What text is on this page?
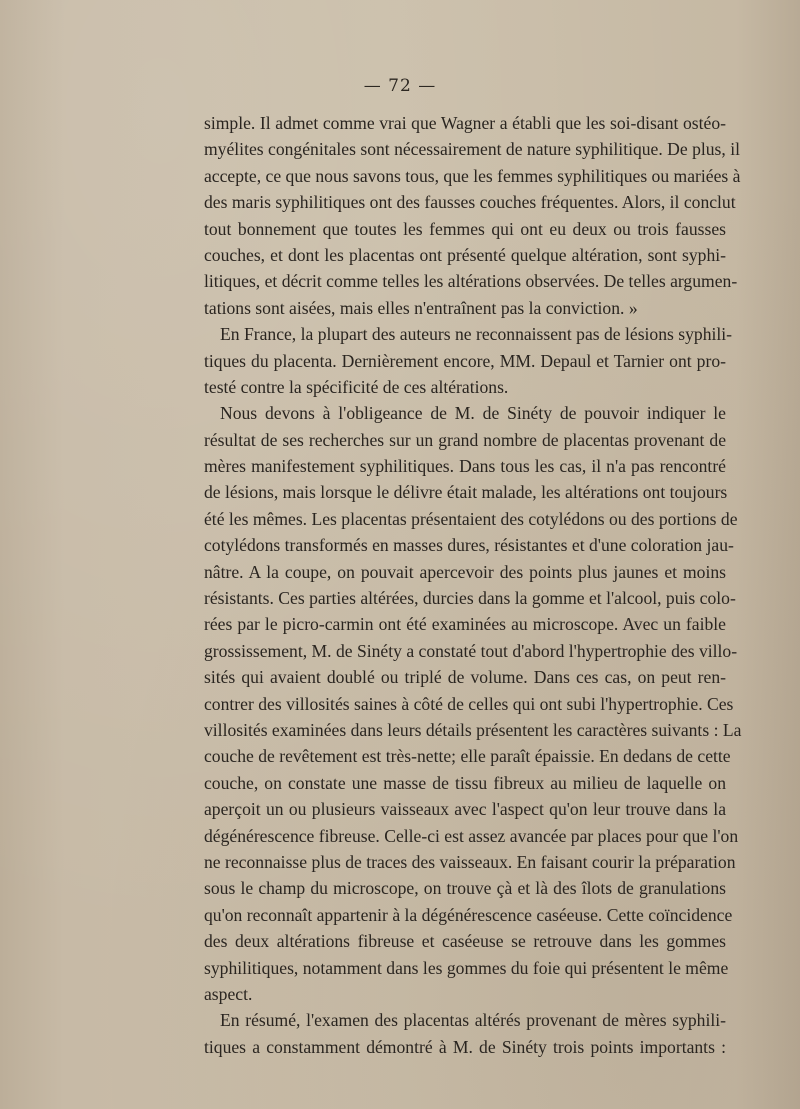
— 72 —
simple. Il admet comme vrai que Wagner a établi que les soi-disant ostéo-
myélites congénitales sont nécessairement de nature syphilitique. De plus, il
accepte, ce que nous savons tous, que les femmes syphilitiques ou mariées à
des maris syphilitiques ont des fausses couches fréquentes. Alors, il conclut
tout bonnement que toutes les femmes qui ont eu deux ou trois fausses
couches, et dont les placentas ont présenté quelque altération, sont syphi-
litiques, et décrit comme telles les altérations observées. De telles argumen-
tations sont aisées, mais elles n'entraînent pas la conviction. »
En France, la plupart des auteurs ne reconnaissent pas de lésions syphili-
tiques du placenta. Dernièrement encore, MM. Depaul et Tarnier ont pro-
testé contre la spécificité de ces altérations.
Nous devons à l'obligeance de M. de Sinéty de pouvoir indiquer le
résultat de ses recherches sur un grand nombre de placentas provenant de
mères manifestement syphilitiques. Dans tous les cas, il n'a pas rencontré
de lésions, mais lorsque le délivre était malade, les altérations ont toujours
été les mêmes. Les placentas présentaient des cotylédons ou des portions de
cotylédons transformés en masses dures, résistantes et d'une coloration jau-
nâtre. A la coupe, on pouvait apercevoir des points plus jaunes et moins
résistants. Ces parties altérées, durcies dans la gomme et l'alcool, puis colo-
rées par le picro-carmin ont été examinées au microscope. Avec un faible
grossissement, M. de Sinéty a constaté tout d'abord l'hypertrophie des villo-
sités qui avaient doublé ou triplé de volume. Dans ces cas, on peut ren-
contrer des villosités saines à côté de celles qui ont subi l'hypertrophie. Ces
villosités examinées dans leurs détails présentent les caractères suivants : La
couche de revêtement est très-nette; elle paraît épaissie. En dedans de cette
couche, on constate une masse de tissu fibreux au milieu de laquelle on
aperçoit un ou plusieurs vaisseaux avec l'aspect qu'on leur trouve dans la
dégénérescence fibreuse. Celle-ci est assez avancée par places pour que l'on
ne reconnaisse plus de traces des vaisseaux. En faisant courir la préparation
sous le champ du microscope, on trouve çà et là des îlots de granulations
qu'on reconnaît appartenir à la dégénérescence caséeuse. Cette coïncidence
des deux altérations fibreuse et caséeuse se retrouve dans les gommes
syphilitiques, notamment dans les gommes du foie qui présentent le même
aspect.
En résumé, l'examen des placentas altérés provenant de mères syphili-
tiques a constamment démontré à M. de Sinéty trois points importants :
